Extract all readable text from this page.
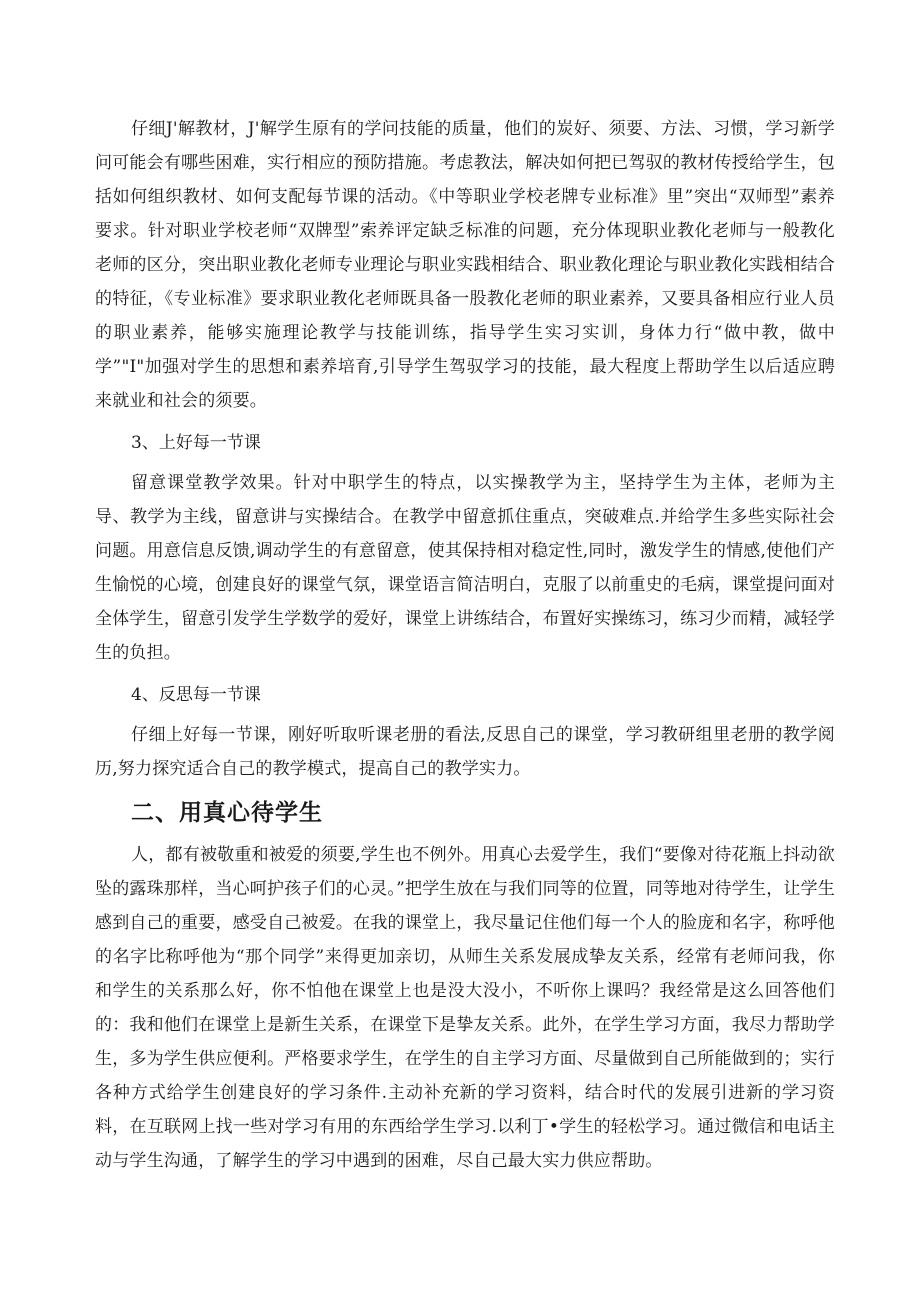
仔细J'解教材，J'解学生原有的学问技能的质量，他们的炭好、须要、方法、习惯，学习新学问可能会有哪些困难，实行相应的预防措施。考虑教法，解决如何把已驾驭的教材传授给学生，包括如何组织教材、如何支配每节课的活动。《中等职业学校老牌专业标准》里”突出“双师型”素养要求。针对职业学校老师“双牌型”索养评定缺乏标准的问题，充分体现职业教化老师与一般教化老师的区分，突出职业教化老师专业理论与职业实践相结合、职业教化理论与职业教化实践相结合的特征，《专业标准》要求职业教化老师既具备一股教化老师的职业素养，又要具备相应行业人员的职业素养，能够实施理论教学与技能训练，指导学生实习实训，身体力行“做中教，做中学”"I"加强对学生的思想和素养培育,引导学生驾驭学习的技能，最大程度上帮助学生以后适应聘来就业和社会的须要。

3、上好每一节课

留意课堂教学效果。针对中职学生的特点，以实操教学为主，坚持学生为主体，老师为主导、教学为主线，留意讲与实操结合。在教学中留意抓住重点，突破难点.并给学生多些实际社会问题。用意信息反馈,调动学生的有意留意，使其保持相对稳定性,同时，激发学生的情感,使他们产生愉悦的心境，创建良好的课堂气氛，课堂语言简洁明白，克服了以前重史的毛病，课堂提问面对全体学生，留意引发学生学数学的爱好，课堂上讲练结合，布置好实操练习，练习少而精，减轻学生的负担。

4、反思每一节课

仔细上好每一节课，刚好听取听课老册的看法,反思自己的课堂，学习教研组里老册的教学阅历,努力探究适合自己的教学模式，提高自己的教学实力。

二、用真心待学生

人，都有被敬重和被爱的须要,学生也不例外。用真心去爱学生，我们“要像对待花瓶上抖动欲坠的露珠那样，当心呵护孩子们的心灵。”把学生放在与我们同等的位置，同等地对待学生，让学生感到自己的重要，感受自己被爱。在我的课堂上，我尽量记住他们每一个人的脸庞和名字，称呼他的名字比称呼他为“那个同学”来得更加亲切，从师生关系发展成挚友关系，经常有老师问我，你和学生的关系那么好，你不怕他在课堂上也是没大没小，不听你上课吗？我经常是这么回答他们的：我和他们在课堂上是新生关系，在课堂下是挚友关系。此外，在学生学习方面，我尽力帮助学生，多为学生供应便利。严格要求学生，在学生的自主学习方面、尽量做到自己所能做到的；实行各种方式给学生创建良好的学习条件.主动补充新的学习资料，结合时代的发展引进新的学习资料，在互联网上找一些对学习有用的东西给学生学习.以利丁•学生的轻松学习。通过微信和电话主动与学生沟通，了解学生的学习中遇到的困难，尽自己最大实力供应帮助。
